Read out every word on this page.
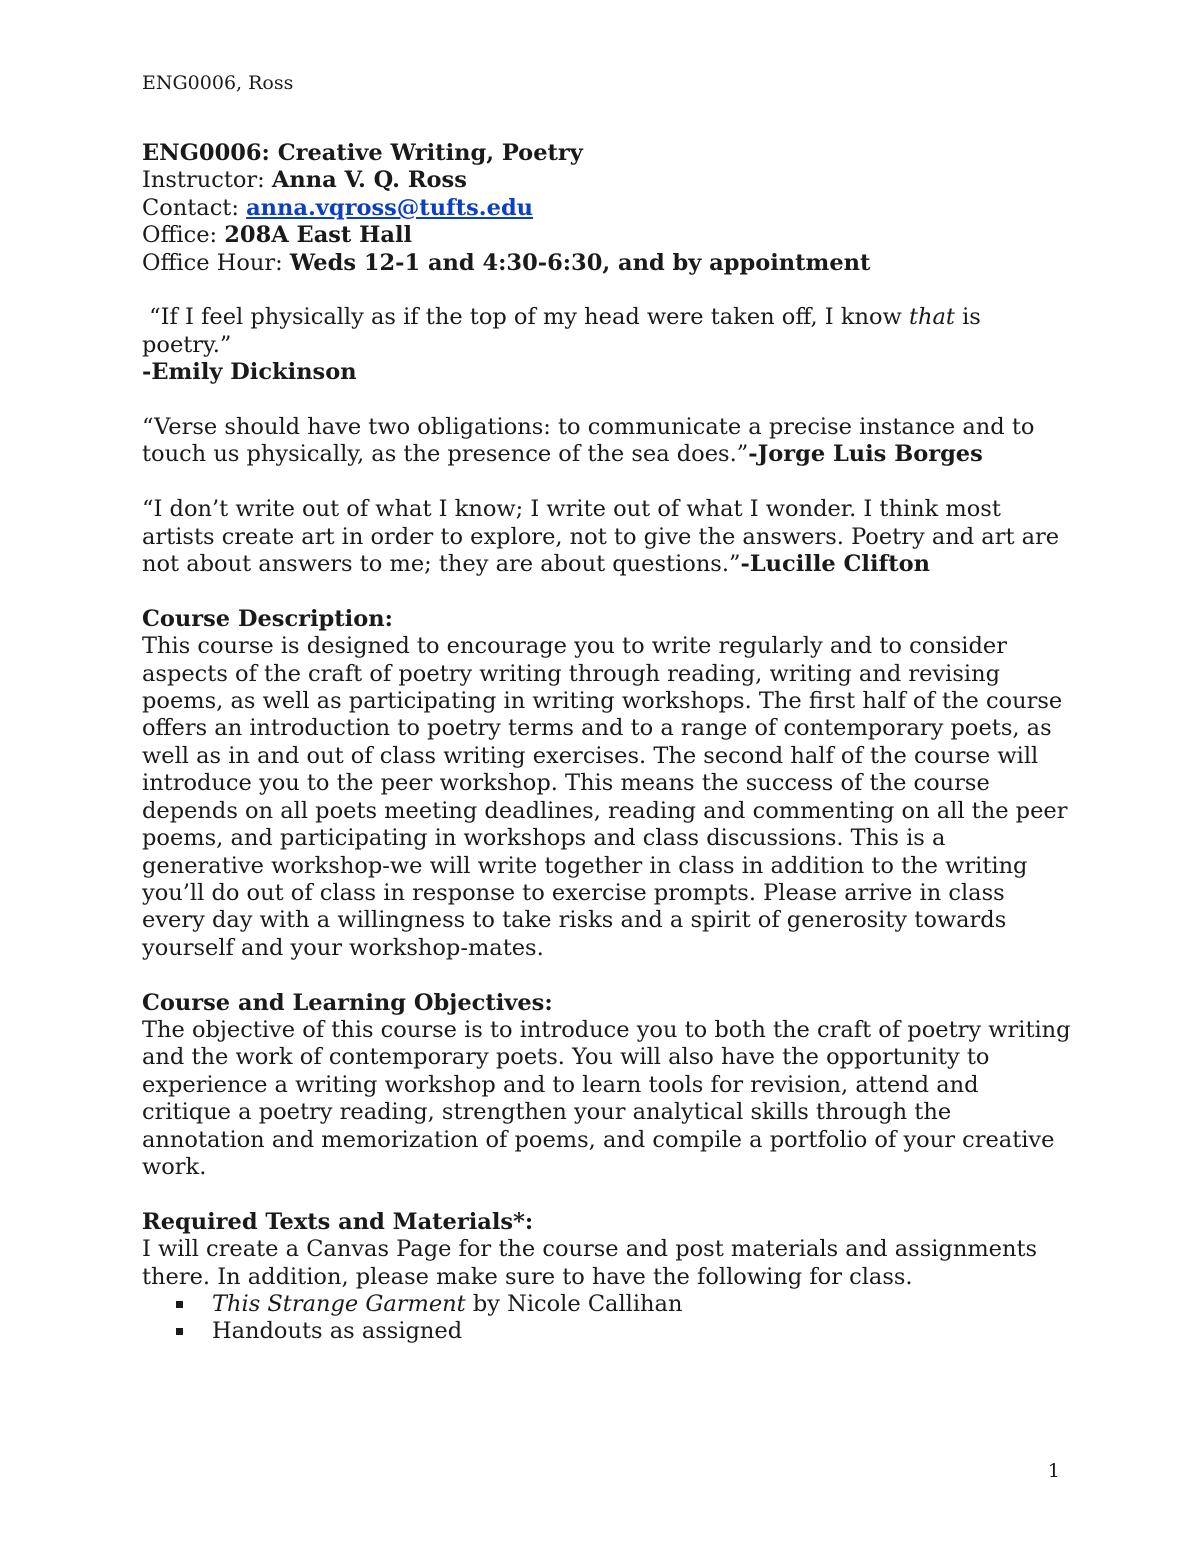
ENG0006, Ross

ENG0006: Creative Writing, Poetry

Instructor: Anna V. Q. Ross

Contact: anna.vqross@tufts.edu

Office: 208A East Hall

Office Hour: Weds 12-1 and 4:30-6:30, and by appointment

“If I feel physically as if the top of my head were taken off, I know that is poetry.”

-Emily Dickinson

“Verse should have two obligations: to communicate a precise instance and to touch us physically, as the presence of the sea does.”-Jorge Luis Borges

“I don’t write out of what I know; I write out of what I wonder. I think most artists create art in order to explore, not to give the answers. Poetry and art are not about answers to me; they are about questions.”-Lucille Clifton

Course Description:

This course is designed to encourage you to write regularly and to consider aspects of the craft of poetry writing through reading, writing and revising poems, as well as participating in writing workshops. The first half of the course offers an introduction to poetry terms and to a range of contemporary poets, as well as in and out of class writing exercises. The second half of the course will introduce you to the peer workshop. This means the success of the course depends on all poets meeting deadlines, reading and commenting on all the peer poems, and participating in workshops and class discussions. This is a generative workshop-we will write together in class in addition to the writing you’ll do out of class in response to exercise prompts. Please arrive in class every day with a willingness to take risks and a spirit of generosity towards yourself and your workshop-mates.

Course and Learning Objectives:

The objective of this course is to introduce you to both the craft of poetry writing and the work of contemporary poets. You will also have the opportunity to experience a writing workshop and to learn tools for revision, attend and critique a poetry reading, strengthen your analytical skills through the annotation and memorization of poems, and compile a portfolio of your creative work.

Required Texts and Materials*:

I will create a Canvas Page for the course and post materials and assignments there. In addition, please make sure to have the following for class.

This Strange Garment by Nicole Callihan
Handouts as assigned
1
